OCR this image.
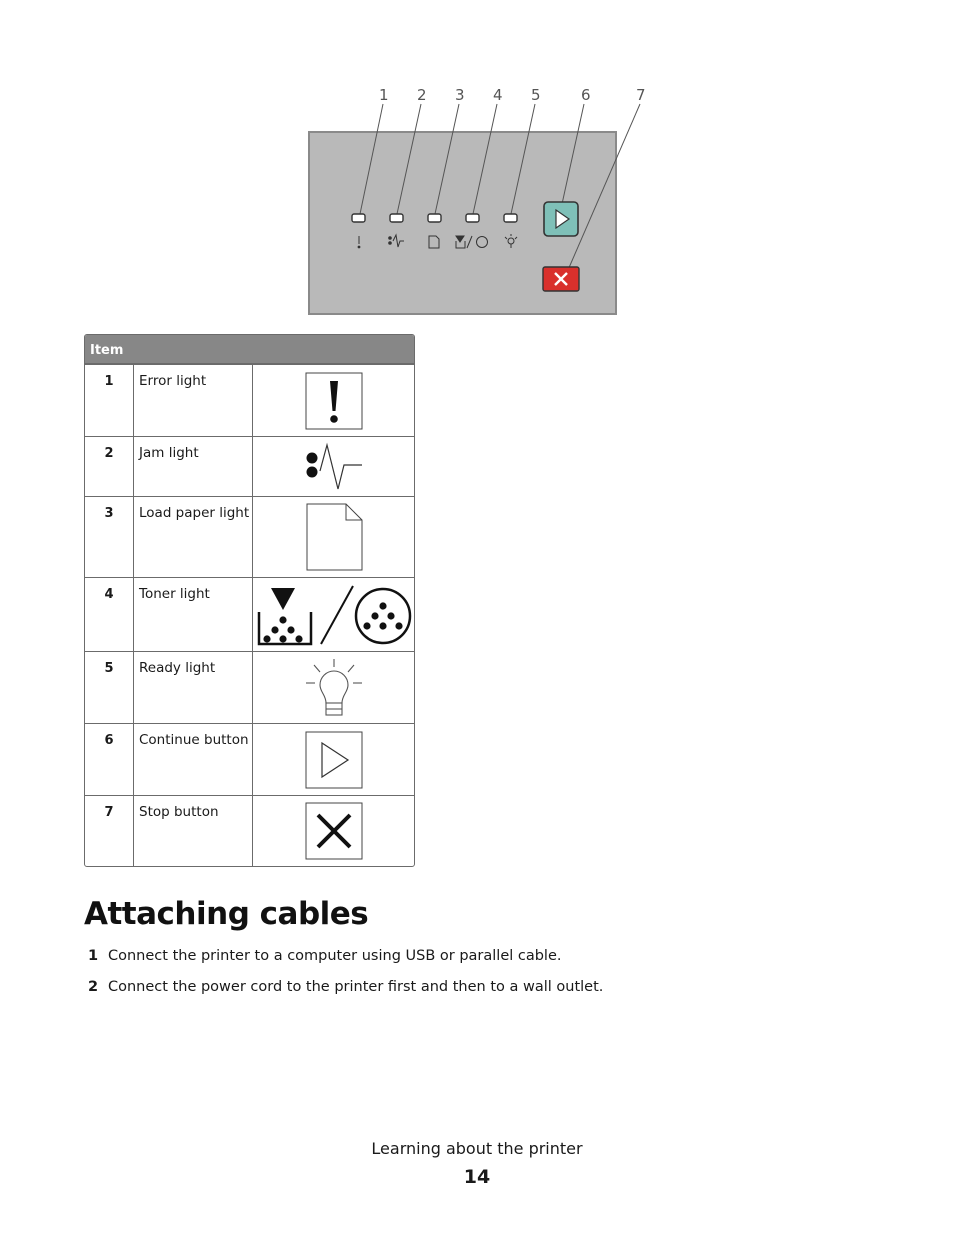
1 2 3 4 5	6	7
Item
1	Error light
2	Jam light
3	Load paper light
4	Toner light
5	Ready light
6	Continue button
7	Stop button
Attaching cables
1 Connect the printer to a computer using USB or parallel cable.
2 Connect the power cord to the printer first and then to a wall outlet.
Learning about the printer
14
